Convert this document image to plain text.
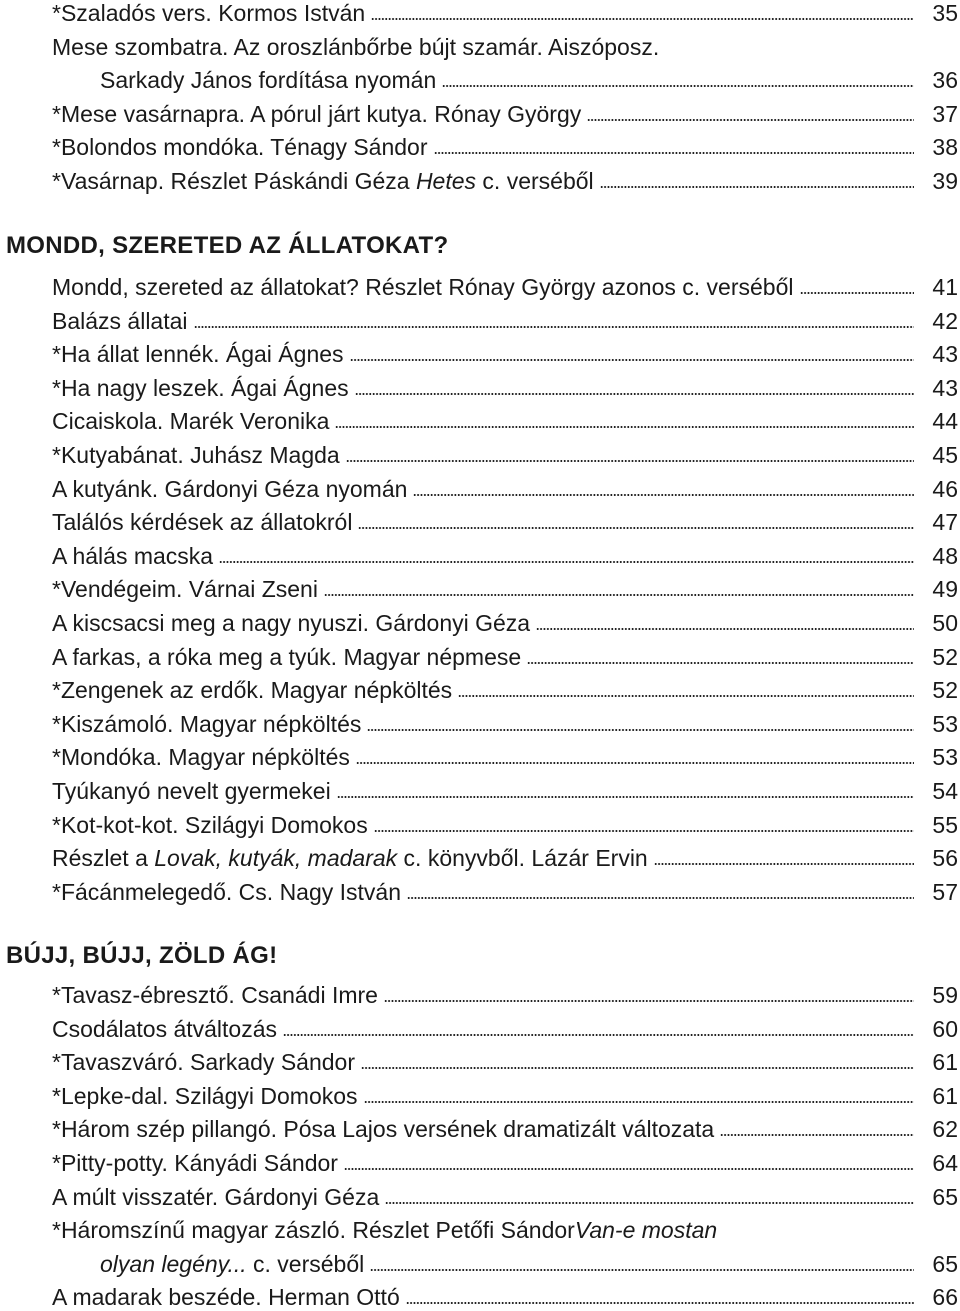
MONDD, SZERETED AZ ÁLLATOKAT?
BÚJJ, BÚJJ, ZÖLD ÁG!
*Szaladós vers. Kormos István	35
Mese szombatra. Az oroszlánbőrbe bújt szamár. Aiszóposz.
Sarkady János fordítása nyomán	36
*Mese vasárnapra. A pórul járt kutya. Rónay György	37
*Bolondos mondóka. Ténagy Sándor	38
*Vasárnap. Részlet Páskándi Géza Hetes c. verséből	39
Mondd, szereted az állatokat? Részlet Rónay György azonos c. verséből	41
Balázs állatai	42
*Ha állat lennék. Ágai Ágnes	43
*Ha nagy leszek. Ágai Ágnes	43
Cicaiskola. Marék Veronika	44
*Kutyabánat. Juhász Magda	45
A kutyánk. Gárdonyi Géza nyomán	46
Találós kérdések az állatokról	47
A hálás macska	48
*Vendégeim. Várnai Zseni	49
A kiscsacsi meg a nagy nyuszi. Gárdonyi Géza	50
A farkas, a róka meg a tyúk. Magyar népmese	52
*Zengenek az erdők. Magyar népköltés	52
*Kiszámoló. Magyar népköltés	53
*Mondóka. Magyar népköltés	53
Tyúkanyó nevelt gyermekei	54
*Kot-kot-kot. Szilágyi Domokos	55
Részlet a Lovak, kutyák, madarak c. könyvből. Lázár Ervin	56
*Fácánmelegedő. Cs. Nagy István	57
*Tavasz-ébresztő. Csanádi Imre	59
Csodálatos átváltozás	60
*Tavaszváró. Sarkady Sándor	61
*Lepke-dal. Szilágyi Domokos	61
*Három szép pillangó. Pósa Lajos versének dramatizált változata	62
*Pitty-potty. Kányádi Sándor	64
A múlt visszatér. Gárdonyi Géza	65
*Háromszínű magyar zászló. Részlet Petőfi Sándor Van-e mostan
olyan legény... c. verséből	65
A madarak beszéde. Herman Ottó	66
